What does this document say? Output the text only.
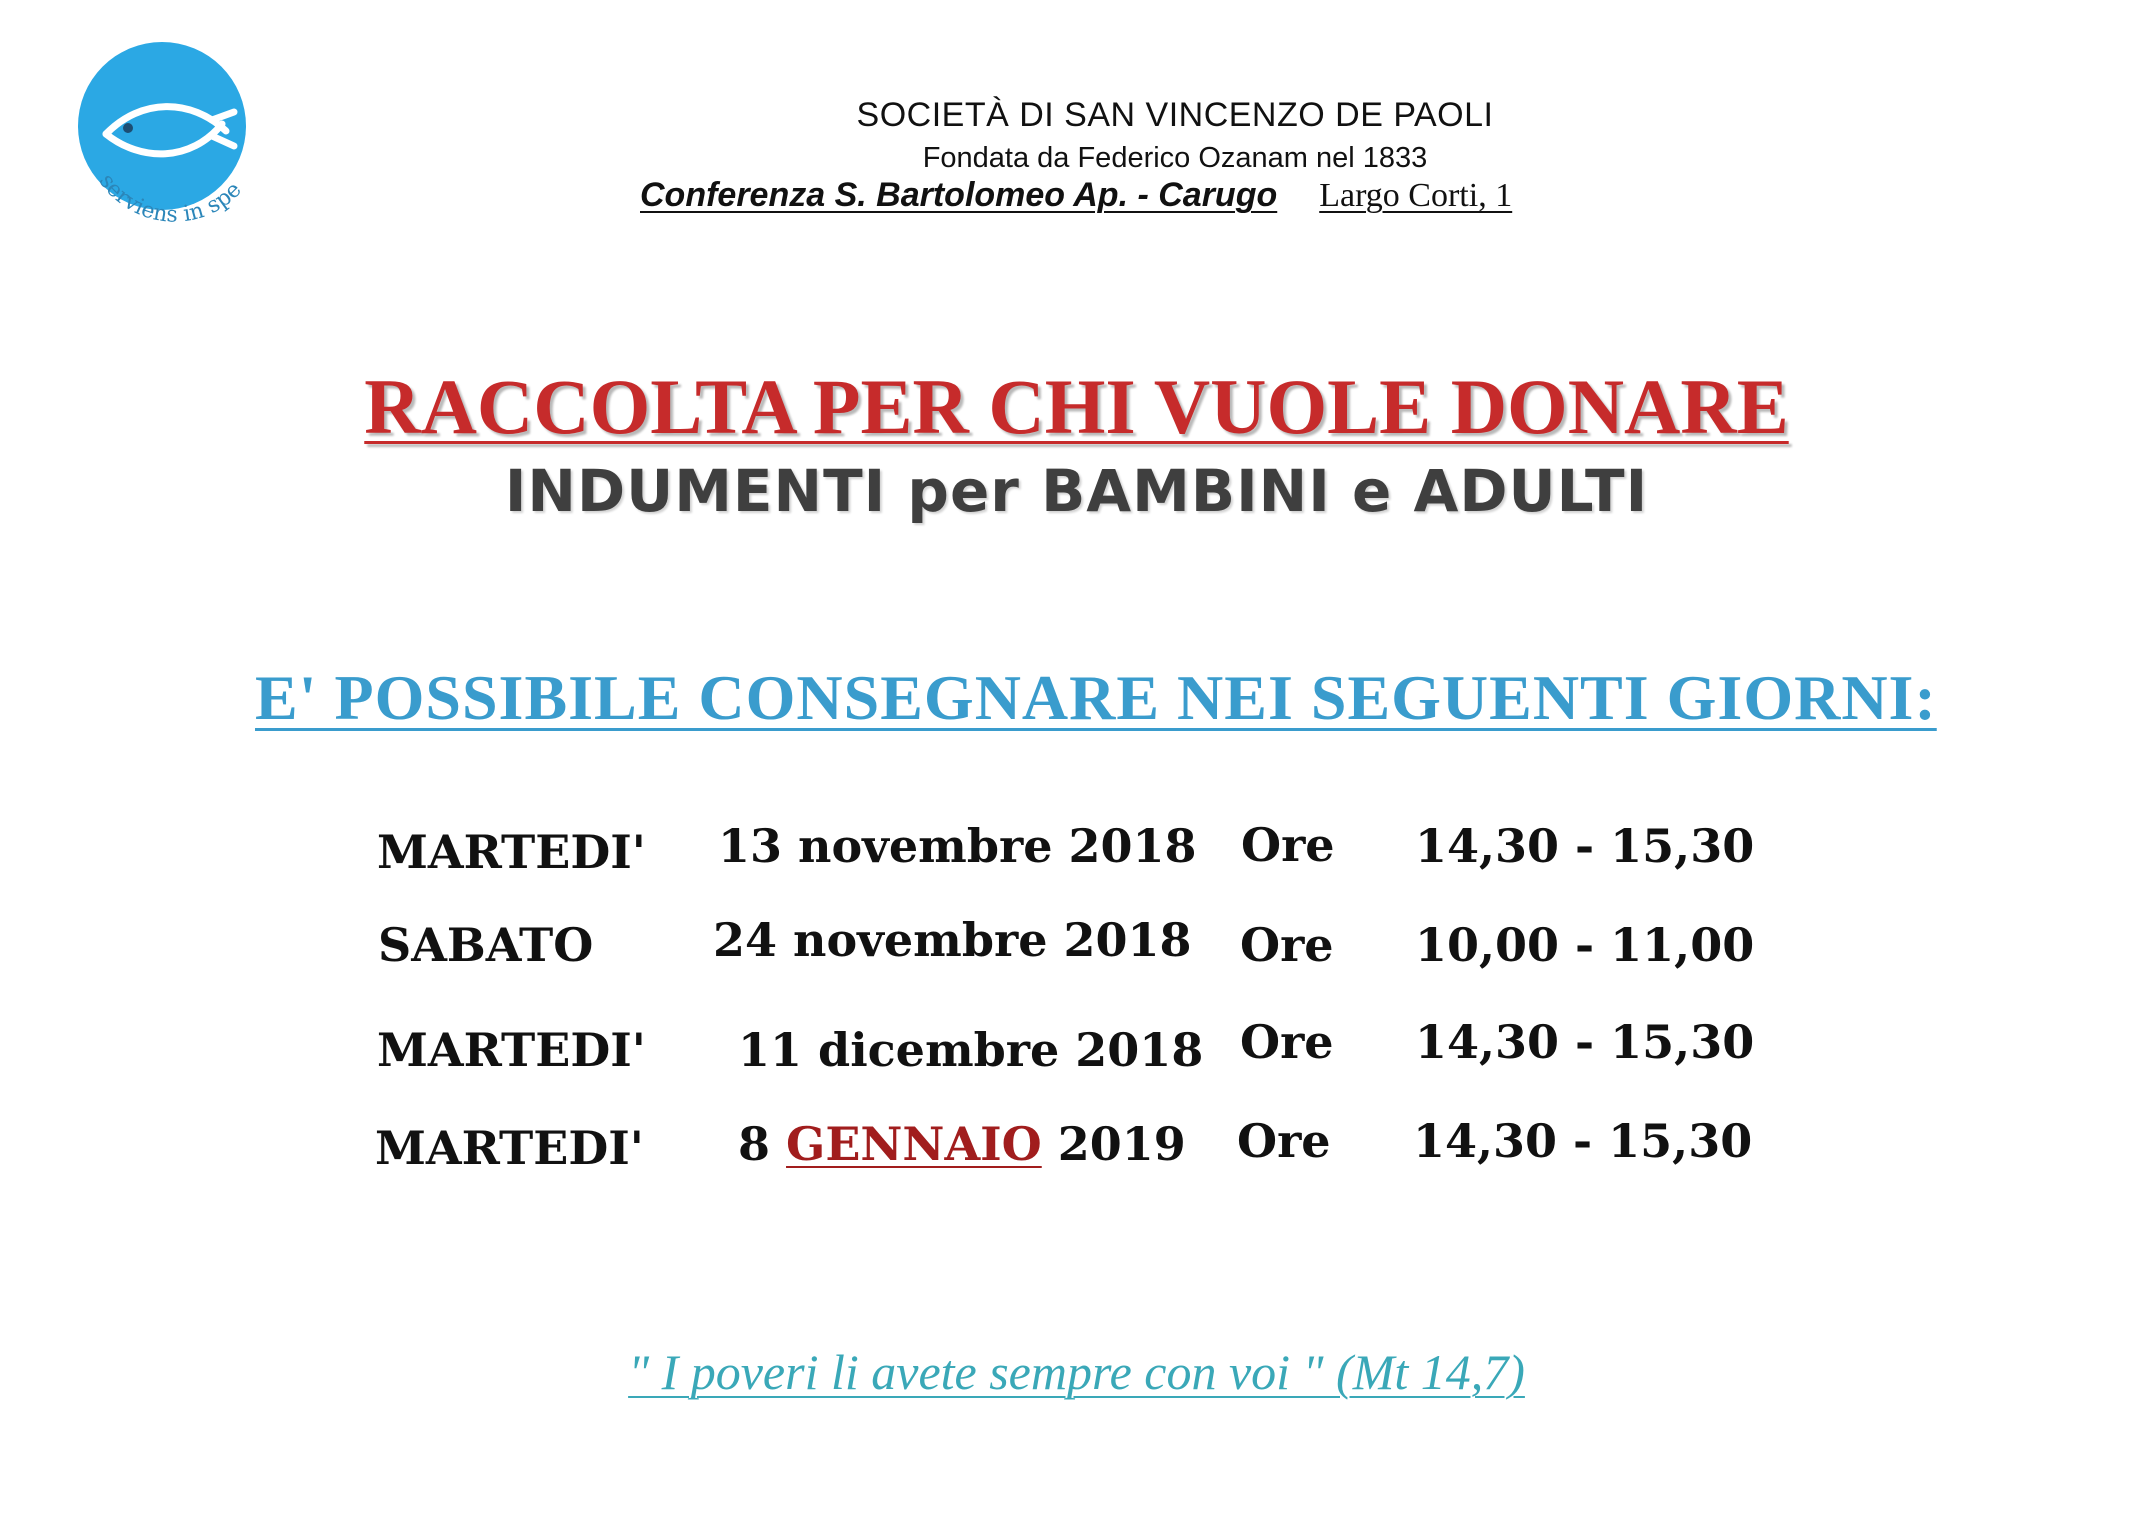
serviens in spe
SOCIETÀ DI SAN VINCENZO DE PAOLI
Fondata da Federico Ozanam nel 1833
Conferenza S. Bartolomeo Ap. - Carugo Largo Corti, 1
RACCOLTA PER CHI VUOLE DONARE
INDUMENTI per BAMBINI e ADULTI
E' POSSIBILE CONSEGNARE NEI SEGUENTI GIORNI:
MARTEDI' 13 novembre 2018 Ore 14,30 - 15,30
SABATO	24 novembre 2018 Ore 10,00 - 11,00
MARTEDI' 11 dicembre 2018 Ore 14,30 - 15,30
MARTEDI' 8 GENNAIO 2019 Ore 14,30 - 15,30
" I poveri li avete sempre con voi " (Mt 14,7)
